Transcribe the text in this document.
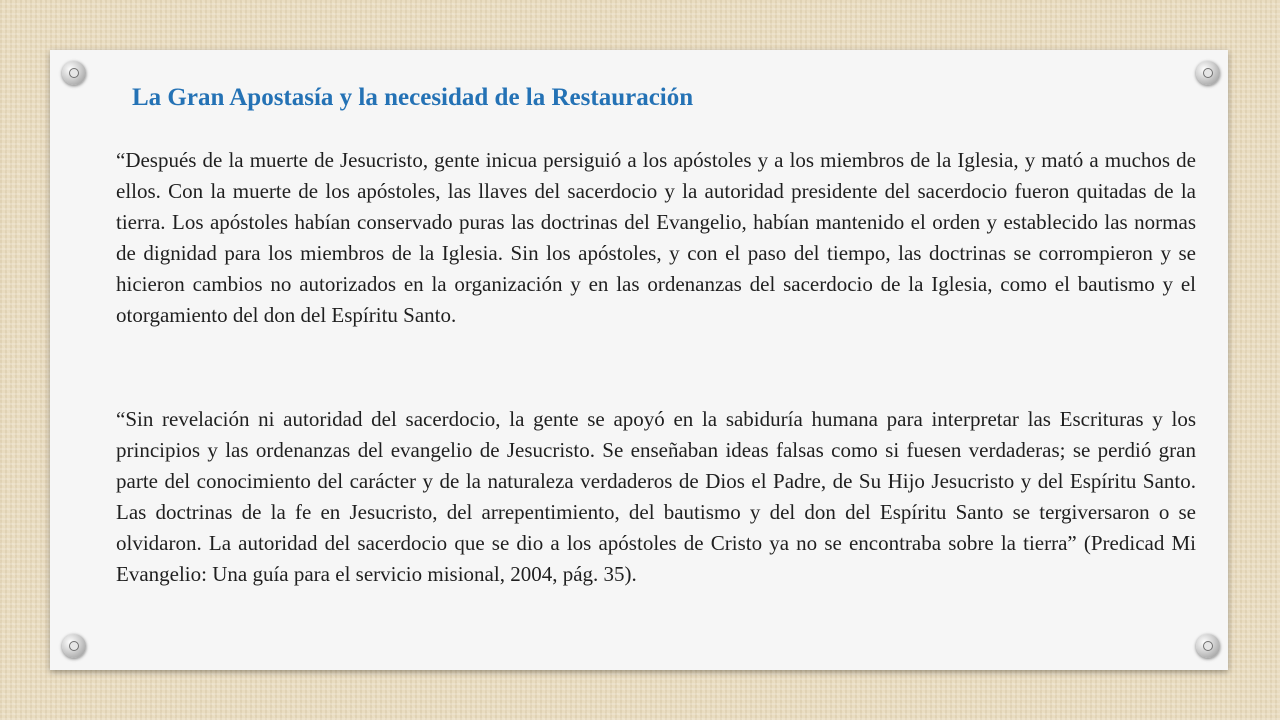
La Gran Apostasía y la necesidad de la Restauración

“Después de la muerte de Jesucristo, gente inicua persiguió a los apóstoles y a los miembros de la Iglesia, y mató a muchos de ellos. Con la muerte de los apóstoles, las llaves del sacerdocio y la autoridad presidente del sacerdocio fueron quitadas de la tierra. Los apóstoles habían conservado puras las doctrinas del Evangelio, habían mantenido el orden y establecido las normas de dignidad para los miembros de la Iglesia. Sin los apóstoles, y con el paso del tiempo, las doctrinas se corrompieron y se hicieron cambios no autorizados en la organización y en las ordenanzas del sacerdocio de la Iglesia, como el bautismo y el otorgamiento del don del Espíritu Santo.

“Sin revelación ni autoridad del sacerdocio, la gente se apoyó en la sabiduría humana para interpretar las Escrituras y los principios y las ordenanzas del evangelio de Jesucristo. Se enseñaban ideas falsas como si fuesen verdaderas; se perdió gran parte del conocimiento del carácter y de la naturaleza verdaderos de Dios el Padre, de Su Hijo Jesucristo y del Espíritu Santo. Las doctrinas de la fe en Jesucristo, del arrepentimiento, del bautismo y del don del Espíritu Santo se tergiversaron o se olvidaron. La autoridad del sacerdocio que se dio a los apóstoles de Cristo ya no se encontraba sobre la tierra” (Predicad Mi Evangelio: Una guía para el servicio misional, 2004, pág. 35).
